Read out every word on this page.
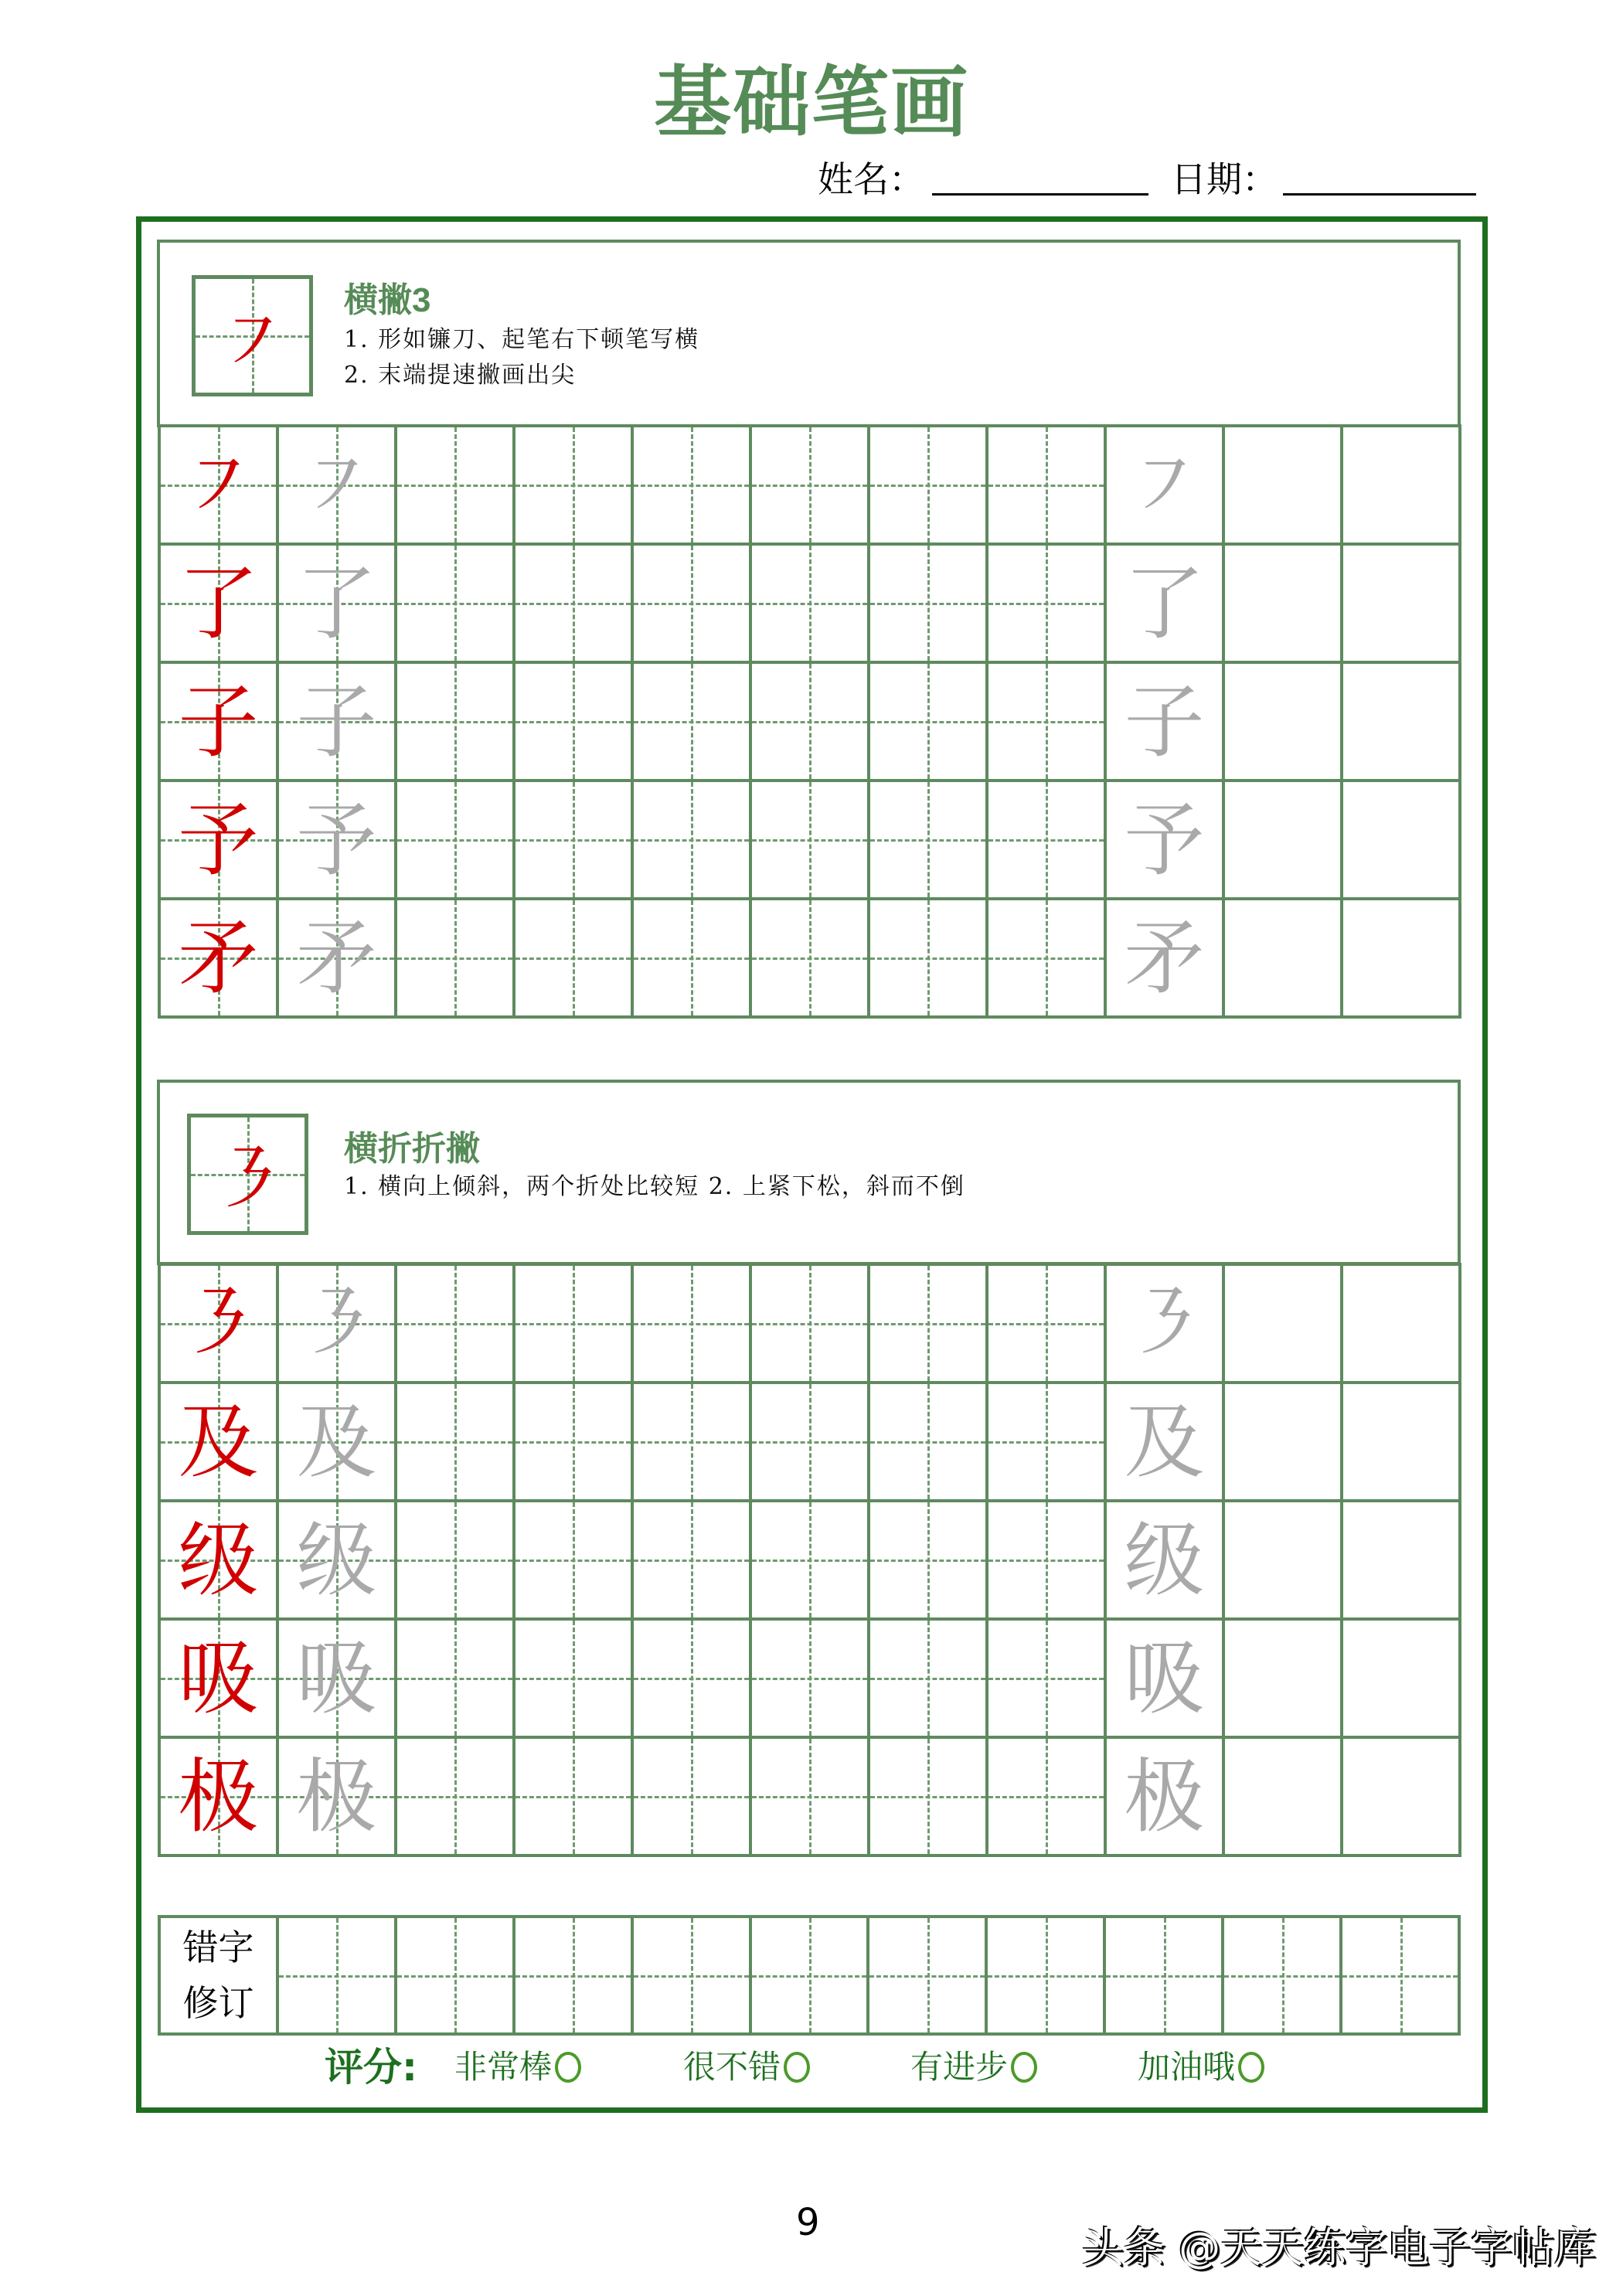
基础笔画
姓名：	日期：
㇇	横撇3
1. 形如镰刀、起笔右下顿笔写横
2. 末端提速撇画出尖
㇇ ㇇	㇇
了 了	了
子 子	子
予 予	予
矛 矛	矛
㇋	横折折撇
1. 横向上倾斜，两个折处比较短 2. 上紧下松，斜而不倒
㇋ ㇋	㇋
及 及	及
级 级	级
吸 吸	吸
极 极	极
错字
修订
评分: 非常棒	很不错	有进步	加油哦
9
头条 @天天练字电子字帖库
